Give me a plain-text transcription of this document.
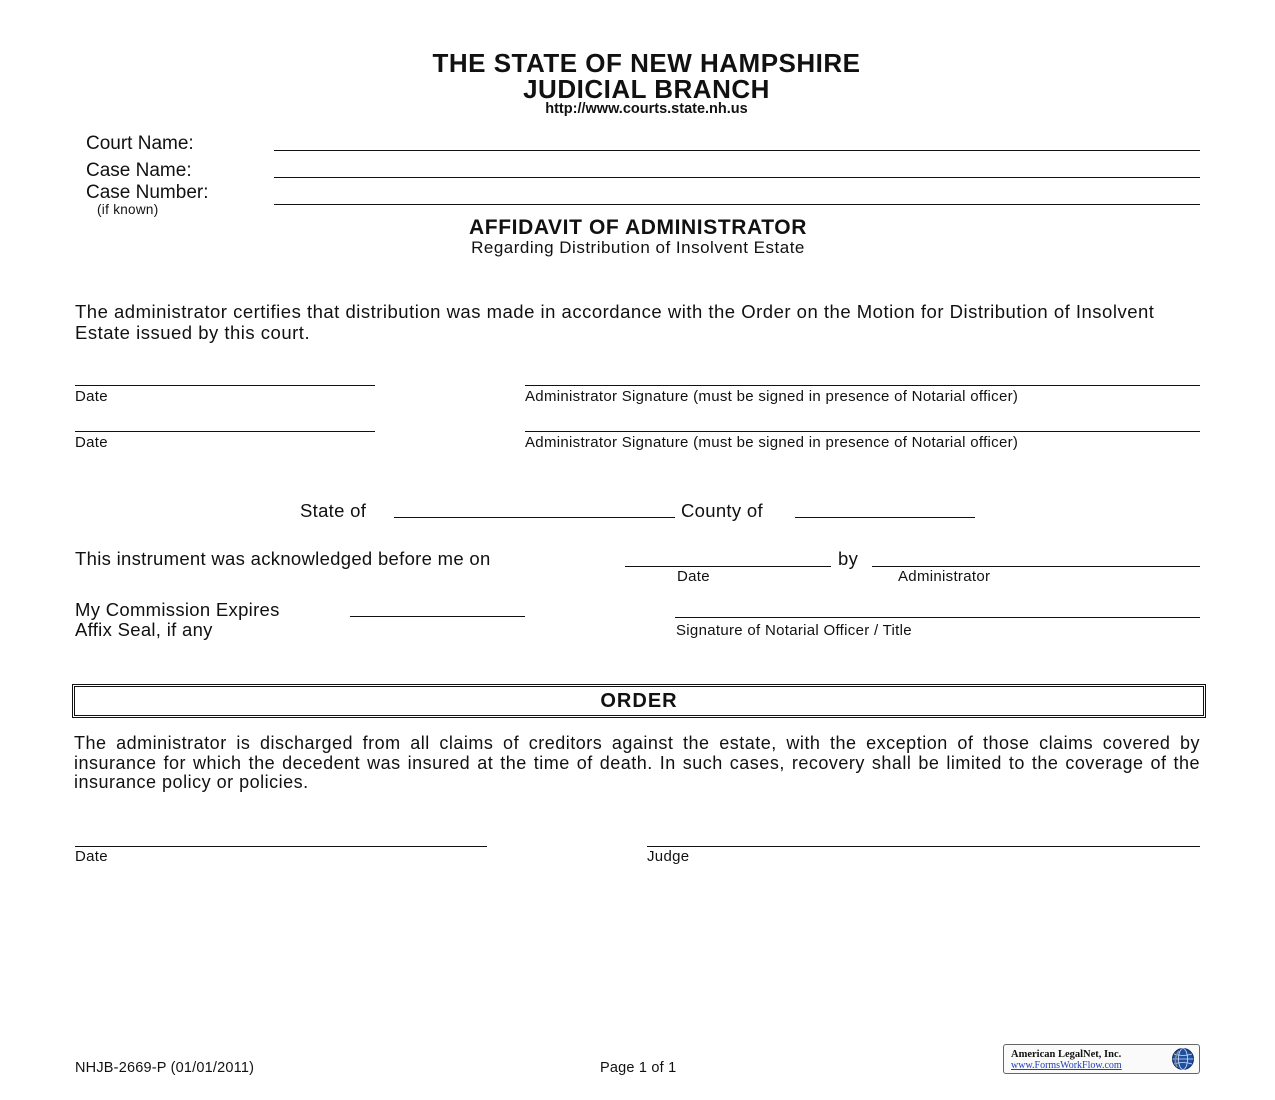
THE STATE OF NEW HAMPSHIRE
JUDICIAL BRANCH
http://www.courts.state.nh.us
Court Name:
Case Name:
Case Number:
(if known)
AFFIDAVIT OF ADMINISTRATOR
Regarding Distribution of Insolvent Estate
The administrator certifies that distribution was made in accordance with the Order on the Motion for Distribution of Insolvent Estate issued by this court.
Date	Administrator Signature (must be signed in presence of Notarial officer)
Date	Administrator Signature (must be signed in presence of Notarial officer)
State of	County of
This instrument was acknowledged before me on	by
Date	Administrator
My Commission Expires
Affix Seal, if any	Signature of Notarial Officer / Title
ORDER
The administrator is discharged from all claims of creditors against the estate, with the exception of those claims covered by insurance for which the decedent was insured at the time of death. In such cases, recovery shall be limited to the coverage of the insurance policy or policies.
Date	Judge
NHJB-2669-P (01/01/2011)	Page 1 of 1
American LegalNet, Inc.
www.FormsWorkFlow.com
